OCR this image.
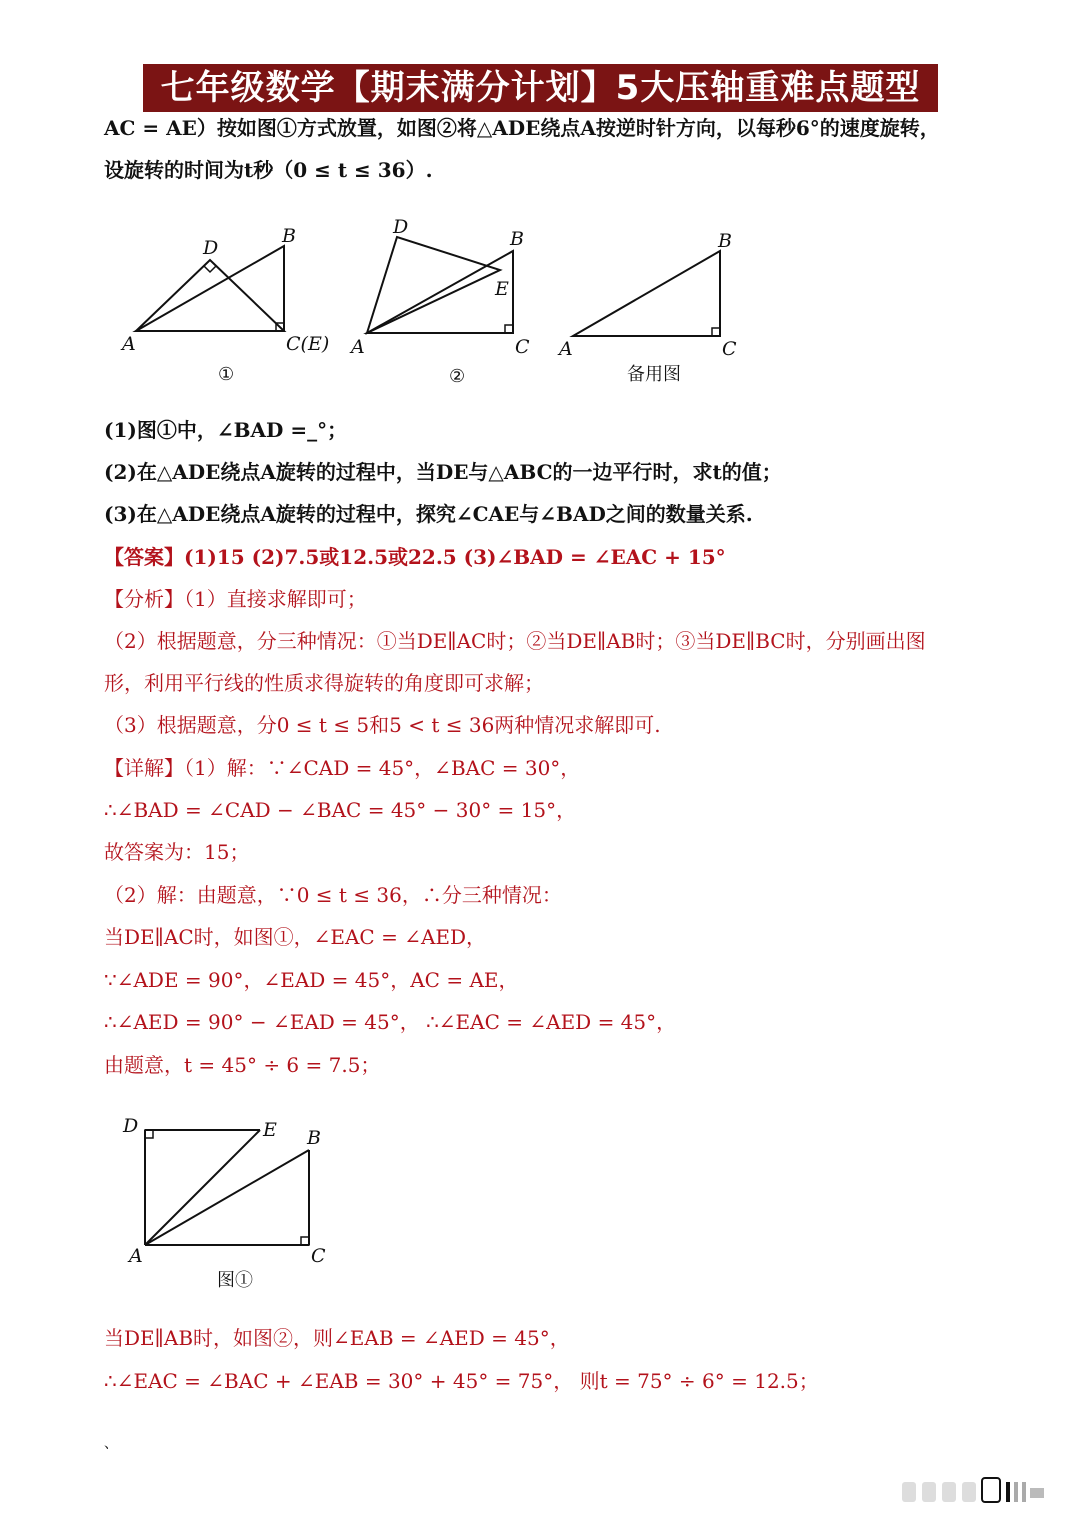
七年级数学【期末满分计划】5大压轴重难点题型
AC = AE）按如图①方式放置，如图②将△ADE绕点A按逆时针方向，以每秒6°的速度旋转，
设旋转的时间为t秒（0 ≤ t ≤ 36）.
A
D
B
C(E)
①
A
D
B
E
C
②
A
B
C
备用图
(1)图①中，∠BAD =_°；
(2)在△ADE绕点A旋转的过程中，当DE与△ABC的一边平行时，求t的值；
(3)在△ADE绕点A旋转的过程中，探究∠CAE与∠BAD之间的数量关系.
【答案】(1)15 (2)7.5或12.5或22.5 (3)∠BAD = ∠EAC + 15°
【分析】（1）直接求解即可；
（2）根据题意，分三种情况：①当DE∥AC时；②当DE∥AB时；③当DE∥BC时，分别画出图
形，利用平行线的性质求得旋转的角度即可求解；
（3）根据题意，分0 ≤ t ≤ 5和5 < t ≤ 36两种情况求解即可.
【详解】（1）解：∵∠CAD = 45°，∠BAC = 30°，
∴∠BAD = ∠CAD − ∠BAC = 45° − 30° = 15°，
故答案为：15；
（2）解：由题意，∵0 ≤ t ≤ 36，∴分三种情况：
当DE∥AC时，如图①，∠EAC = ∠AED，
∵∠ADE = 90°，∠EAD = 45°，AC = AE，
∴∠AED = 90° − ∠EAD = 45°， ∴∠EAC = ∠AED = 45°，
由题意，t = 45° ÷ 6 = 7.5；
D	E B
A	C
图①
当DE∥AB时，如图②，则∠EAB = ∠AED = 45°，
∴∠EAC = ∠BAC + ∠EAB = 30° + 45° = 75°， 则t = 75° ÷ 6° = 12.5；
、
